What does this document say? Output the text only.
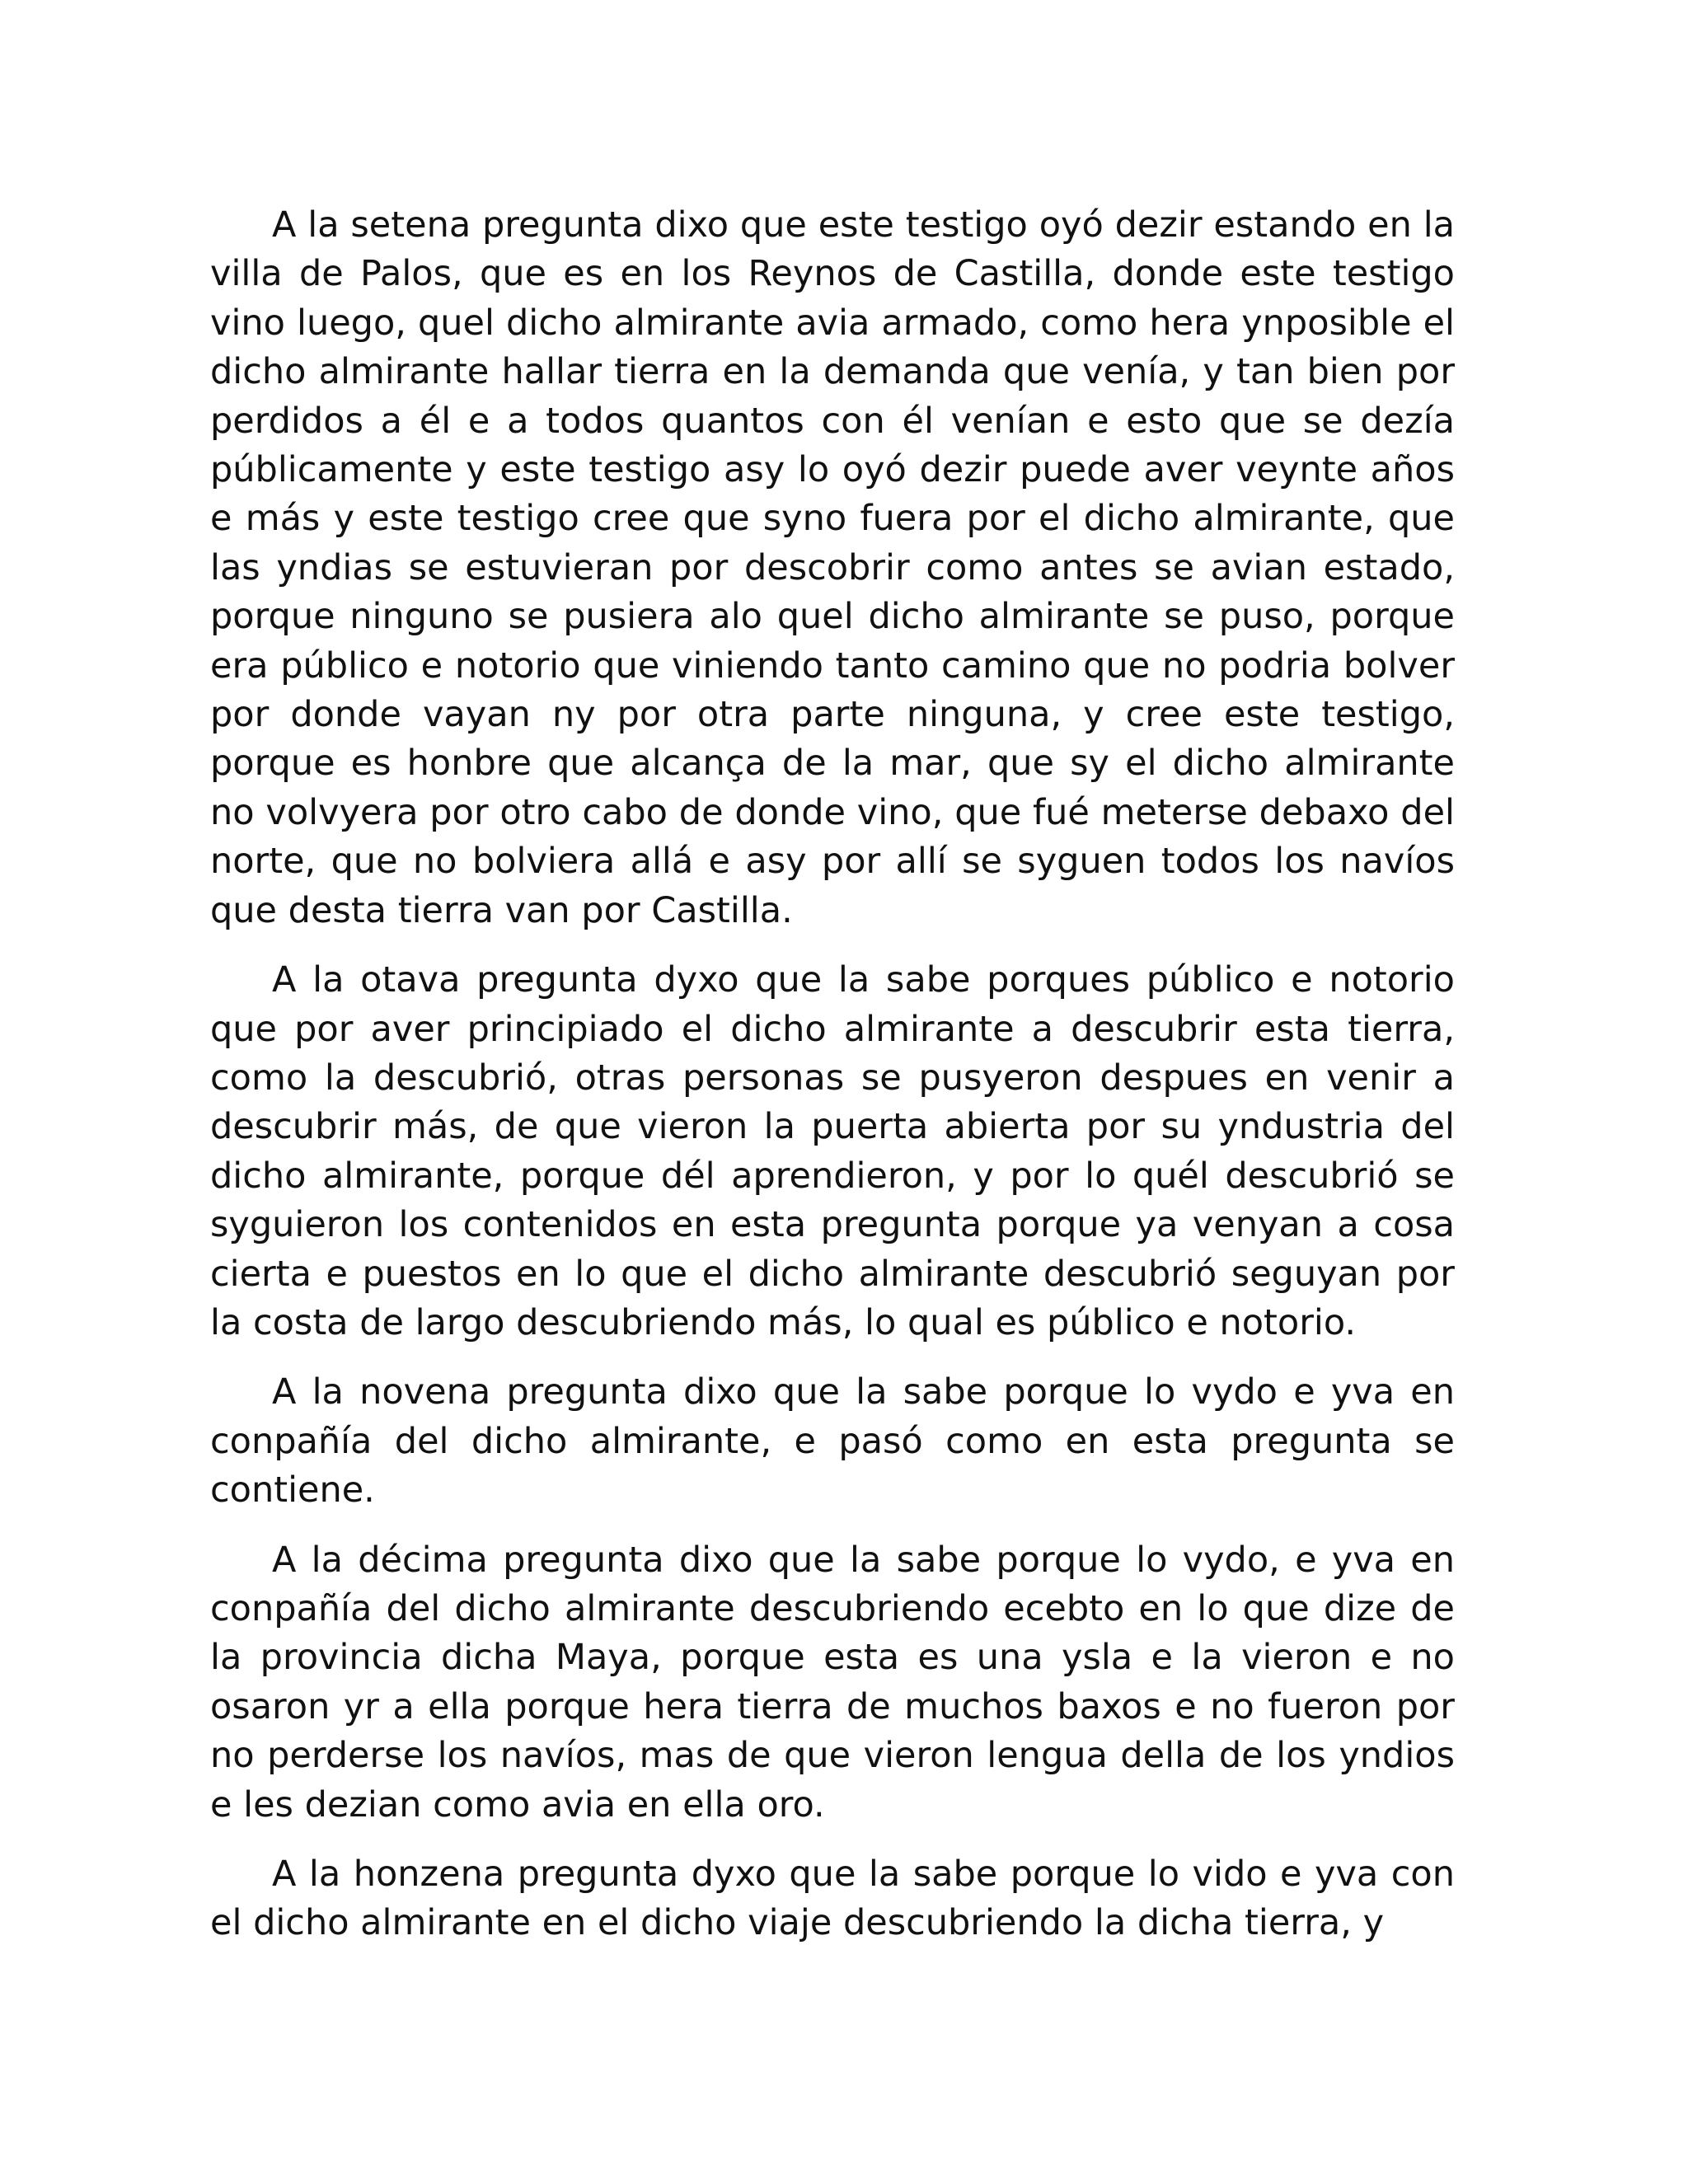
A la setena pregunta dixo que este testigo oyó dezir estando en la villa de Palos, que es en los Reynos de Castilla, donde este testigo vino luego, quel dicho almirante avia armado, como hera ynposible el dicho almirante hallar tierra en la demanda que venía, y tan bien por perdidos a él e a todos quantos con él venían e esto que se dezía públicamente y este testigo asy lo oyó dezir puede aver veynte años e más y este testigo cree que syno fuera por el dicho almirante, que las yndias se estuvieran por descobrir como antes se avian estado, porque ninguno se pusiera alo quel dicho almirante se puso, porque era público e notorio que viniendo tanto camino que no podria bolver por donde vayan ny por otra parte ninguna, y cree este testigo, porque es honbre que alcança de la mar, que sy el dicho almirante no volvyera por otro cabo de donde vino, que fué meterse debaxo del norte, que no bolviera allá e asy por allí se syguen todos los navíos que desta tierra van por Castilla.

A la otava pregunta dyxo que la sabe porques público e notorio que por aver principiado el dicho almirante a descubrir esta tierra, como la descubrió, otras personas se pusyeron despues en venir a descubrir más, de que vieron la puerta abierta por su yndustria del dicho almirante, porque dél aprendieron, y por lo quél descubrió se syguieron los contenidos en esta pregunta porque ya venyan a cosa cierta e puestos en lo que el dicho almirante descubrió seguyan por la costa de largo descubriendo más, lo qual es público e notorio.

A la novena pregunta dixo que la sabe porque lo vydo e yva en conpañía del dicho almirante, e pasó como en esta pregunta se contiene.

A la décima pregunta dixo que la sabe porque lo vydo, e yva en conpañía del dicho almirante descubriendo ecebto en lo que dize de la provincia dicha Maya, porque esta es una ysla e la vieron e no osaron yr a ella porque hera tierra de muchos baxos e no fueron por no perderse los navíos, mas de que vieron lengua della de los yndios e les dezian como avia en ella oro.

A la honzena pregunta dyxo que la sabe porque lo vido e yva con el dicho almirante en el dicho viaje descubriendo la dicha tierra, y
